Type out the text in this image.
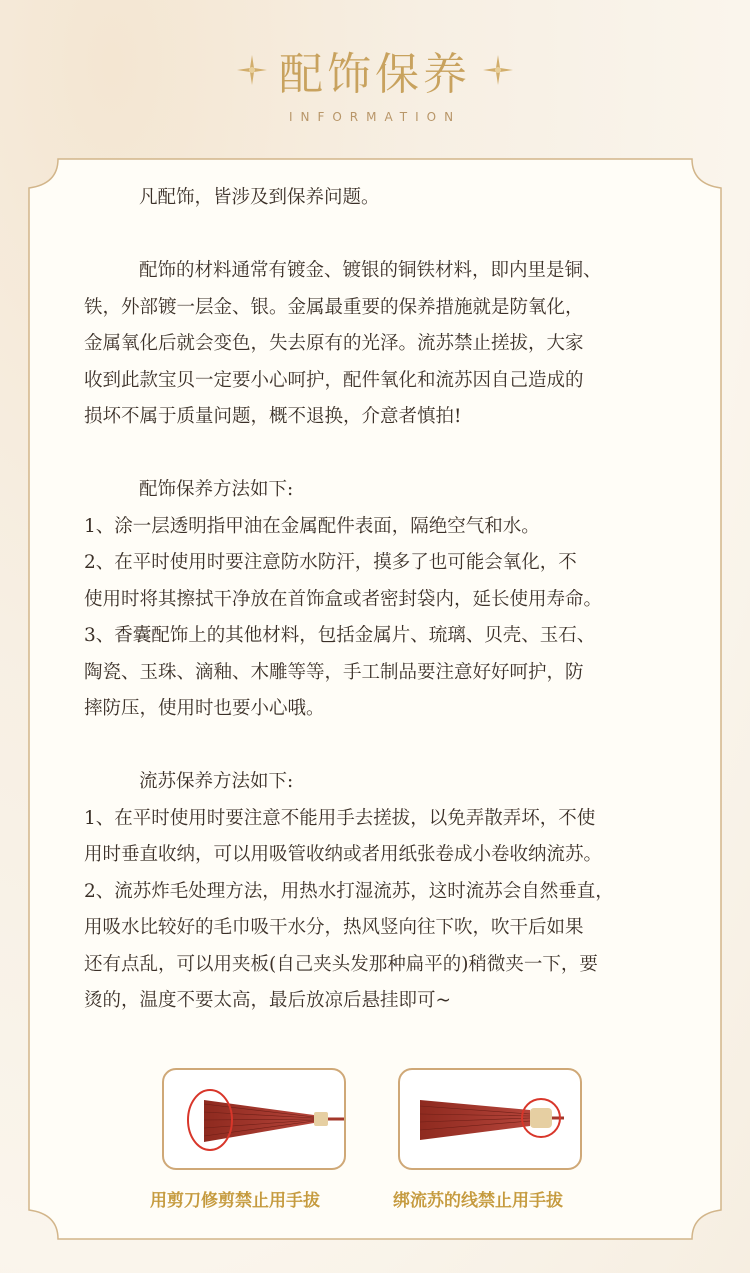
配饰保养
INFORMATION
凡配饰，皆涉及到保养问题。
配饰的材料通常有镀金、镀银的铜铁材料，即内里是铜、
铁，外部镀一层金、银。金属最重要的保养措施就是防氧化，
金属氧化后就会变色，失去原有的光泽。流苏禁止搓拔，大家
收到此款宝贝一定要小心呵护，配件氧化和流苏因自己造成的
损坏不属于质量问题，概不退换，介意者慎拍!
配饰保养方法如下:
1、涂一层透明指甲油在金属配件表面，隔绝空气和水。
2、在平时使用时要注意防水防汗，摸多了也可能会氧化，不
使用时将其擦拭干净放在首饰盒或者密封袋内，延长使用寿命。
3、香囊配饰上的其他材料，包括金属片、琉璃、贝壳、玉石、
陶瓷、玉珠、滴釉、木雕等等，手工制品要注意好好呵护，防
摔防压，使用时也要小心哦。
流苏保养方法如下:
1、在平时使用时要注意不能用手去搓拔，以免弄散弄坏，不使
用时垂直收纳，可以用吸管收纳或者用纸张卷成小卷收纳流苏。
2、流苏炸毛处理方法，用热水打湿流苏，这时流苏会自然垂直，
用吸水比较好的毛巾吸干水分，热风竖向往下吹，吹干后如果
还有点乱，可以用夹板(自己夹头发那种扁平的)稍微夹一下，要
烫的，温度不要太高，最后放凉后悬挂即可~
用剪刀修剪禁止用手拔	绑流苏的线禁止用手拔
